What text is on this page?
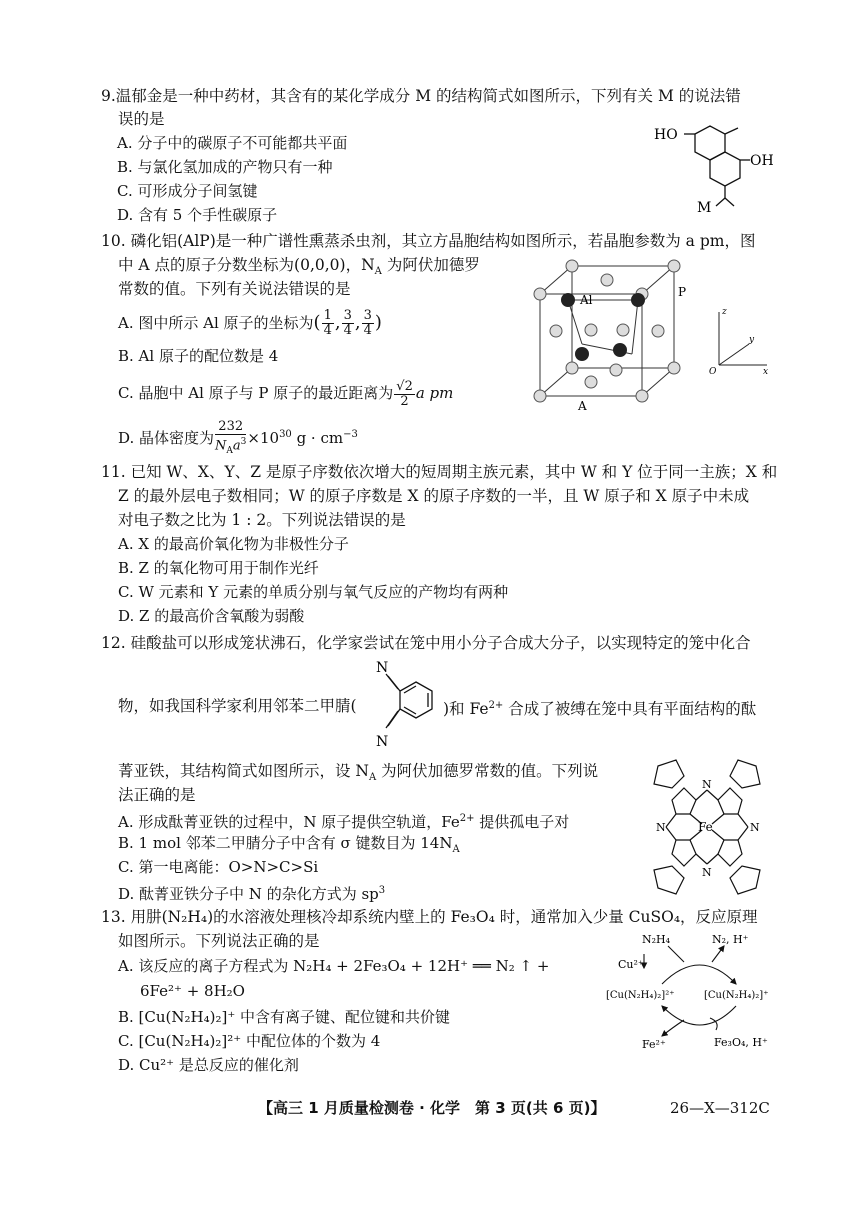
9.温郁金是一种中药材，其含有的某化学成分 M 的结构简式如图所示，下列有关 M 的说法错
误的是
A. 分子中的碳原子不可能都共平面
B. 与氯化氢加成的产物只有一种
C. 可形成分子间氢键
D. 含有 5 个手性碳原子
HO
OH
M
10. 磷化铝(AlP)是一种广谱性熏蒸杀虫剂，其立方晶胞结构如图所示，若晶胞参数为 a pm，图
中 A 点的原子分数坐标为(0,0,0)，$N_A$ 为阿伏加德罗
常数的值。下列有关说法错误的是
A. 图中所示 Al 原子的坐标为( $\frac{1}{4}$ , $\frac{3}{4}$ , $\frac{3}{4}$ )
B. Al 原子的配位数是 4
C. 晶胞中 Al 原子与 P 原子的最近距离为 $\frac{√2}{2}$ a pm
D. 晶体密度为 $\frac{232}{N_Aa^3} \times 10^{30}$ $g \cdot cm^{-3}$
Al
P
A
z
y
x
O
11. 已知 W、X、Y、Z 是原子序数依次增大的短周期主族元素，其中 W 和 Y 位于同一主族；X 和
Z 的最外层电子数相同；W 的原子序数是 X 的原子序数的一半，且 W 原子和 X 原子中未成
对电子数之比为 1 : 2。下列说法错误的是
A. X 的最高价氧化物为非极性分子
B. Z 的氧化物可用于制作光纤
C. W 元素和 Y 元素的单质分别与氧气反应的产物均有两种
D. Z 的最高价含氧酸为弱酸
12. 硅酸盐可以形成笼状沸石，化学家尝试在笼中用小分子合成大分子，以实现特定的笼中化合
物，如我国科学家利用邻苯二甲腈(
N
N
)和 $Fe^{2+}$ 合成了被缚在笼中具有平面结构的酞
菁亚铁，其结构简式如图所示，设 $N_A$ 为阿伏加德罗常数的值。下列说
法正确的是
A. 形成酞菁亚铁的过程中，N 原子提供空轨道，$Fe^{2+}$ 提供孤电子对
B. 1 mol 邻苯二甲腈分子中含有 σ 键数目为 $14N_A$
C. 第一电离能：O>N>C>Si
D. 酞菁亚铁分子中 N 的杂化方式为 $sp^3$
N
N
N	N
Fe
13. 用肼(N₂H₄)的水溶液处理核冷却系统内壁上的 Fe₃O₄ 时，通常加入少量 CuSO₄，反应原理
如图所示。下列说法正确的是
A. 该反应的离子方程式为 N₂H₄ + 2Fe₃O₄ + 12H⁺ ══ N₂ ↑ +
6Fe²⁺ + 8H₂O
B. [Cu(N₂H₄)₂]⁺ 中含有离子键、配位键和共价键
C. [Cu(N₂H₄)₂]²⁺ 中配位体的个数为 4
D. Cu²⁺ 是总反应的催化剂
N₂H₄	N₂, H⁺
Cu²⁺
[Cu(N₂H₄)₂]²⁺	[Cu(N₂H₄)₂]⁺
Fe²⁺	Fe₃O₄, H⁺
【高三 1 月质量检测卷 · 化学　第 3 页(共 6 页)】	26—X—312C
